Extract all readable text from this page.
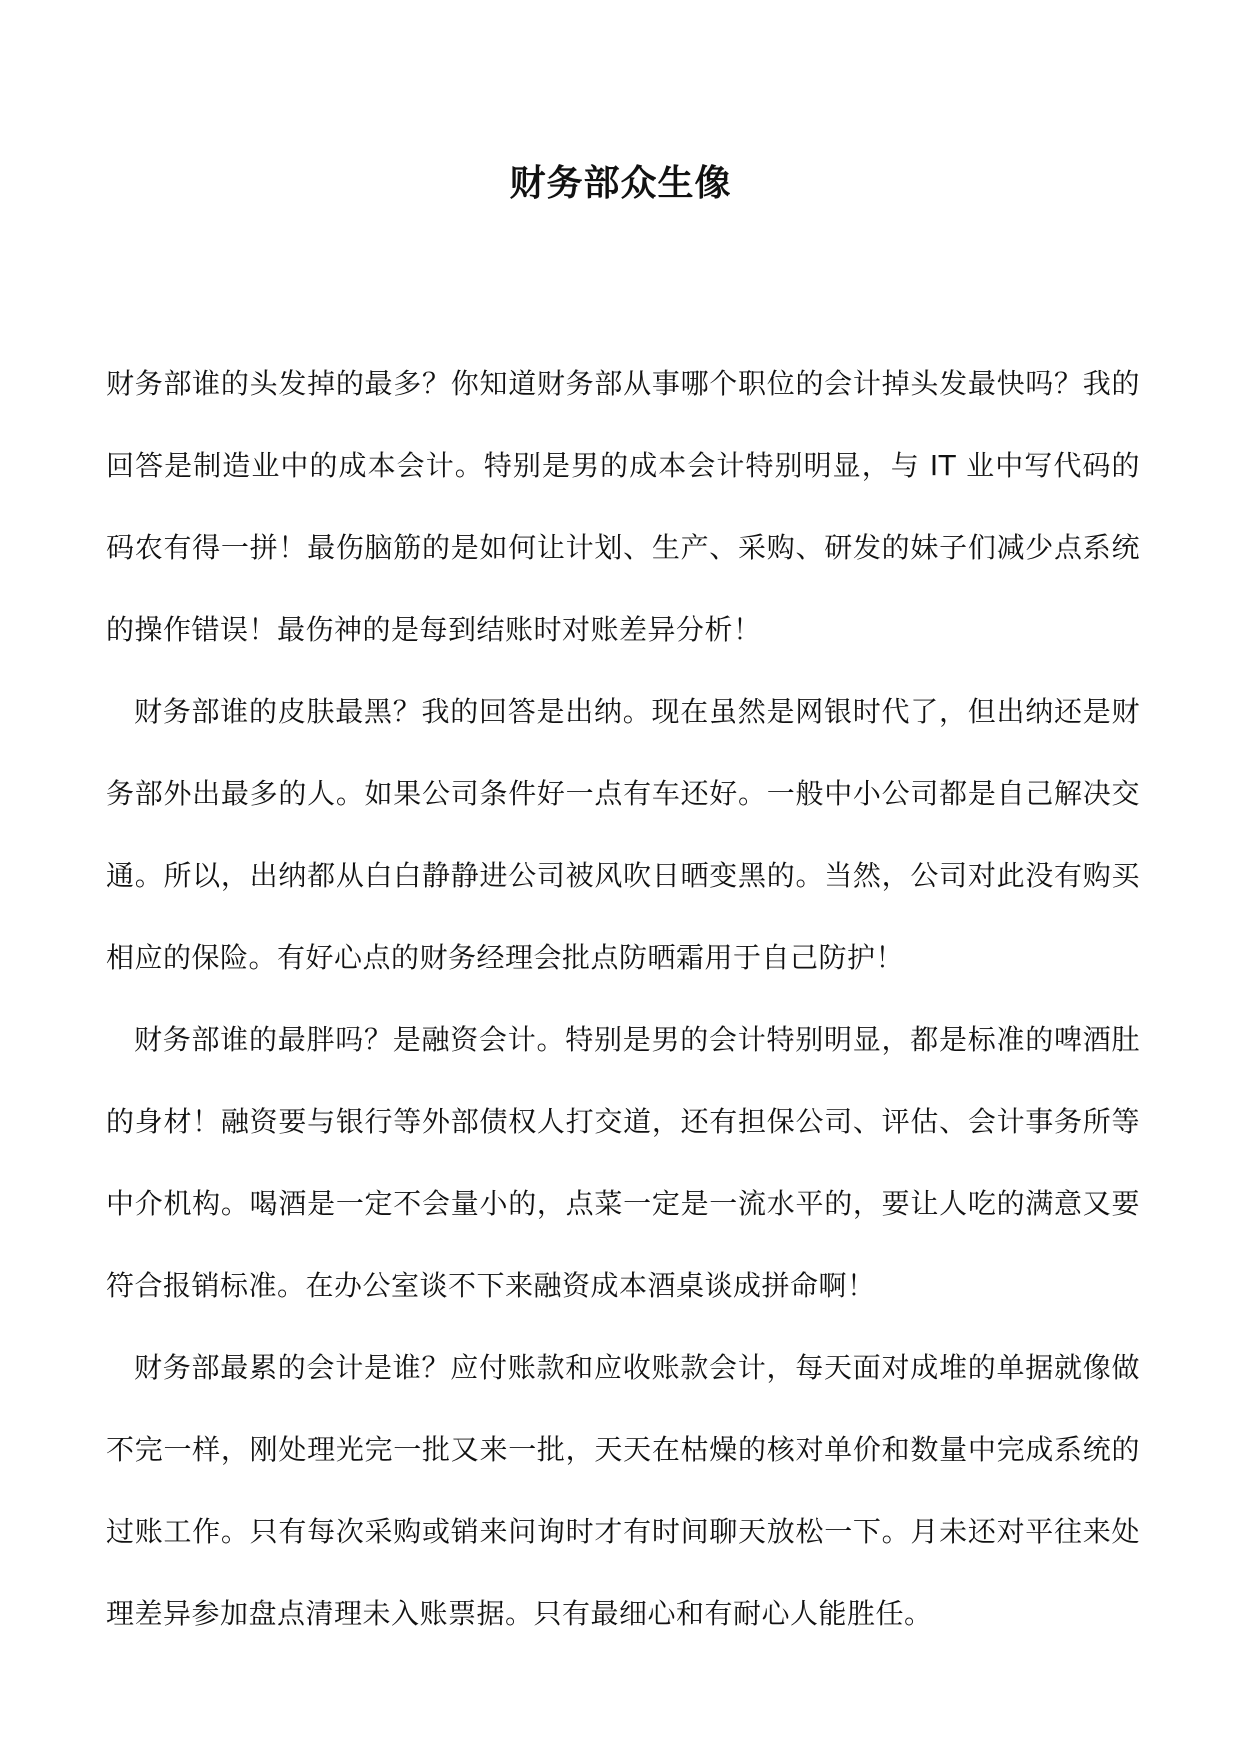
财务部众生像

财务部谁的头发掉的最多？你知道财务部从事哪个职位的会计掉头发最快吗？我的回答是制造业中的成本会计。特别是男的成本会计特别明显，与 IT 业中写代码的码农有得一拼！最伤脑筋的是如何让计划、生产、采购、研发的妹子们减少点系统的操作错误！最伤神的是每到结账时对账差异分析！

财务部谁的皮肤最黑？我的回答是出纳。现在虽然是网银时代了，但出纳还是财务部外出最多的人。如果公司条件好一点有车还好。一般中小公司都是自己解决交通。所以，出纳都从白白静静进公司被风吹日晒变黑的。当然，公司对此没有购买相应的保险。有好心点的财务经理会批点防晒霜用于自己防护！

财务部谁的最胖吗？是融资会计。特别是男的会计特别明显，都是标准的啤酒肚的身材！融资要与银行等外部债权人打交道，还有担保公司、评估、会计事务所等中介机构。喝酒是一定不会量小的，点菜一定是一流水平的，要让人吃的满意又要符合报销标准。在办公室谈不下来融资成本酒桌谈成拼命啊！

财务部最累的会计是谁？应付账款和应收账款会计，每天面对成堆的单据就像做不完一样，刚处理光完一批又来一批，天天在枯燥的核对单价和数量中完成系统的过账工作。只有每次采购或销来问询时才有时间聊天放松一下。月未还对平往来处理差异参加盘点清理未入账票据。只有最细心和有耐心人能胜任。
